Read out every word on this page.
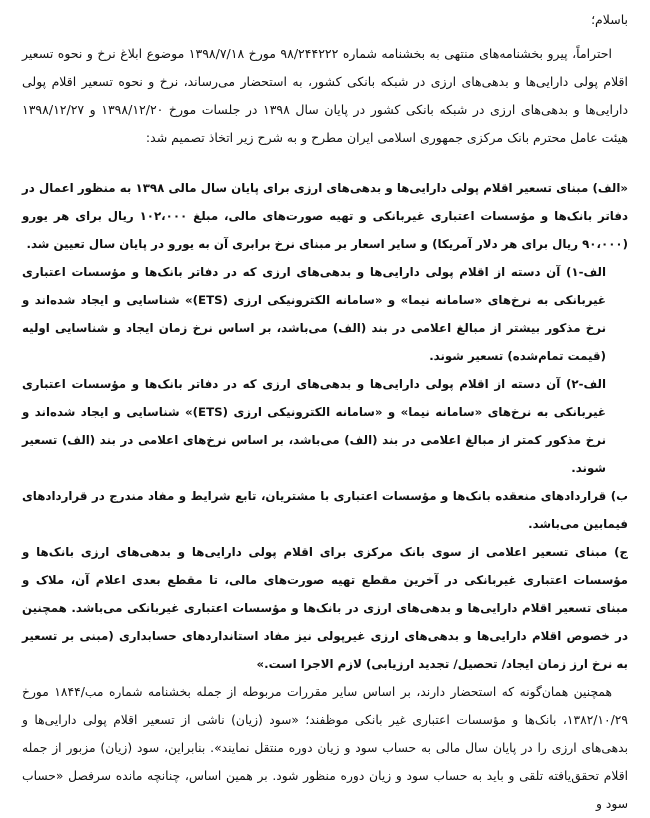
باسلام؛

احتراماً، پیرو بخشنامه‌های منتهی به بخشنامه شماره ۹۸/۲۴۴۲۲۲ مورخ ۱۳۹۸/۷/۱۸ موضوع ابلاغ نرخ و نحوه تسعیر اقلام پولی دارایی‌ها و بدهی‌های ارزی در شبکه بانکی کشور، به استحضار می‌رساند، نرخ و نحوه تسعیر اقلام پولی دارایی‌ها و بدهی‌های ارزی در شبکه بانکی کشور در پایان سال ۱۳۹۸ در جلسات مورخ ۱۳۹۸/۱۲/۲۰ و ۱۳۹۸/۱۲/۲۷ هیئت عامل محترم بانک مرکزی جمهوری اسلامی ایران مطرح و به شرح زیر اتخاذ تصمیم شد:

«الف) مبنای تسعیر اقلام پولی دارایی‌ها و بدهی‌های ارزی برای پایان سال مالی ۱۳۹۸ به منظور اعمال در دفاتر بانک‌ها و مؤسسات اعتباری غیربانکی و تهیه صورت‌های مالی، مبلغ ۱۰۲،۰۰۰ ریال برای هر یورو (۹۰،۰۰۰ ریال برای هر دلار آمریکا) و سایر اسعار بر مبنای نرخ برابری آن به یورو در پایان سال تعیین شد.

الف-۱) آن دسته از اقلام پولی دارایی‌ها و بدهی‌های ارزی که در دفاتر بانک‌ها و مؤسسات اعتباری غیربانکی به نرخ‌های «سامانه نیما» و «سامانه الکترونیکی ارزی (ETS)» شناسایی و ایجاد شده‌اند و نرخ مذکور بیشتر از مبالغ اعلامی در بند (الف) می‌باشد، بر اساس نرخ زمان ایجاد و شناسایی اولیه (قیمت تمام‌شده) تسعیر شوند.

الف-۲) آن دسته از اقلام پولی دارایی‌ها و بدهی‌های ارزی که در دفاتر بانک‌ها و مؤسسات اعتباری غیربانکی به نرخ‌های «سامانه نیما» و «سامانه الکترونیکی ارزی (ETS)» شناسایی و ایجاد شده‌اند و نرخ مذکور کمتر از مبالغ اعلامی در بند (الف) می‌باشد، بر اساس نرخ‌های اعلامی در بند (الف) تسعیر شوند.

ب) قراردادهای منعقده بانک‌ها و مؤسسات اعتباری با مشتریان، تابع شرایط و مفاد مندرج در قراردادهای فیمابین می‌باشد.

ج) مبنای تسعیر اعلامی از سوی بانک مرکزی برای اقلام پولی دارایی‌ها و بدهی‌های ارزی بانک‌ها و مؤسسات اعتباری غیربانکی در آخرین مقطع تهیه صورت‌های مالی، تا مقطع بعدی اعلام آن، ملاک و مبنای تسعیر اقلام دارایی‌ها و بدهی‌های ارزی در بانک‌ها و مؤسسات اعتباری غیربانکی می‌باشد. همچنین در خصوص اقلام دارایی‌ها و بدهی‌های ارزی غیرپولی نیز مفاد استانداردهای حسابداری (مبنی بر تسعیر به نرخ ارز زمان ایجاد/ تحصیل/ تجدید ارزیابی) لازم الاجرا است.»

همچنین همان‌گونه که استحضار دارند، بر اساس سایر مقررات مربوطه از جمله بخشنامه شماره مب/۱۸۴۴ مورخ ۱۳۸۲/۱۰/۲۹، بانک‌ها و مؤسسات اعتباری غیر بانکی موظفند؛ «سود (زیان) ناشی از تسعیر اقلام پولی دارایی‌ها و بدهی‌های ارزی را در پایان سال مالی به حساب سود و زیان دوره منتقل نمایند». بنابراین، سود (زیان) مزبور از جمله اقلام تحقق‌یافته تلقی و باید به حساب سود و زیان دوره منظور شود. بر همین اساس، چنانچه مانده سرفصل «حساب سود و
